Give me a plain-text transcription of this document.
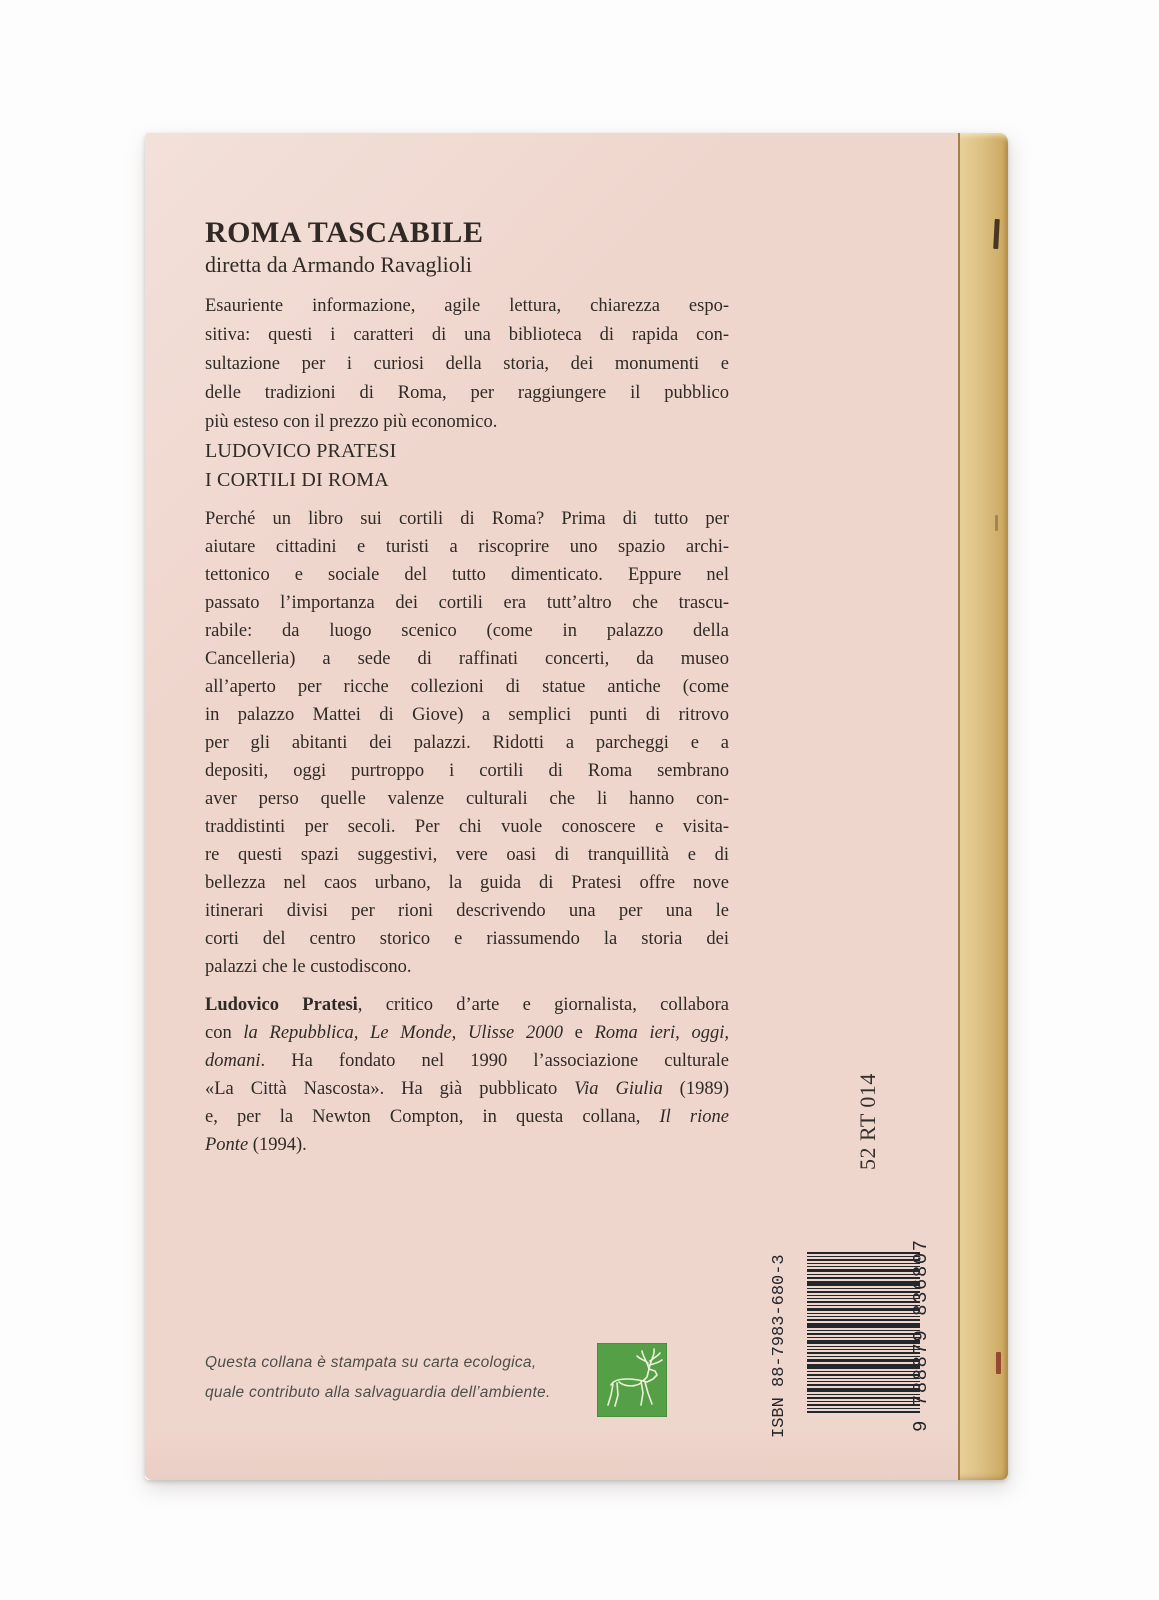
ROMA TASCABILE
diretta da Armando Ravaglioli
Esauriente informazione, agile lettura, chiarezza espo-
sitiva: questi i caratteri di una biblioteca di rapida con-
sultazione per i curiosi della storia, dei monumenti e
delle tradizioni di Roma, per raggiungere il pubblico
più esteso con il prezzo più economico.
LUDOVICO PRATESI
I CORTILI DI ROMA
Perché un libro sui cortili di Roma? Prima di tutto per
aiutare cittadini e turisti a riscoprire uno spazio archi-
tettonico e sociale del tutto dimenticato. Eppure nel
passato l’importanza dei cortili era tutt’altro che trascu-
rabile: da luogo scenico (come in palazzo della
Cancelleria) a sede di raffinati concerti, da museo
all’aperto per ricche collezioni di statue antiche (come
in palazzo Mattei di Giove) a semplici punti di ritrovo
per gli abitanti dei palazzi. Ridotti a parcheggi e a
depositi, oggi purtroppo i cortili di Roma sembrano
aver perso quelle valenze culturali che li hanno con-
traddistinti per secoli. Per chi vuole conoscere e visita-
re questi spazi suggestivi, vere oasi di tranquillità e di
bellezza nel caos urbano, la guida di Pratesi offre nove
itinerari divisi per rioni descrivendo una per una le
corti del centro storico e riassumendo la storia dei
palazzi che le custodiscono.
Ludovico Pratesi, critico d’arte e giornalista, collabora
con la Repubblica, Le Monde, Ulisse 2000 e Roma ieri, oggi,
domani. Ha fondato nel 1990 l’associazione culturale
«La Città Nascosta». Ha già pubblicato Via Giulia (1989)
e, per la Newton Compton, in questa collana, Il rione
Ponte (1994).
Questa collana è stampata su carta ecologica,
quale contributo alla salvaguardia dell’ambiente.
52 RT 014
ISBN 88-7983-680-3	9 788879 836807
